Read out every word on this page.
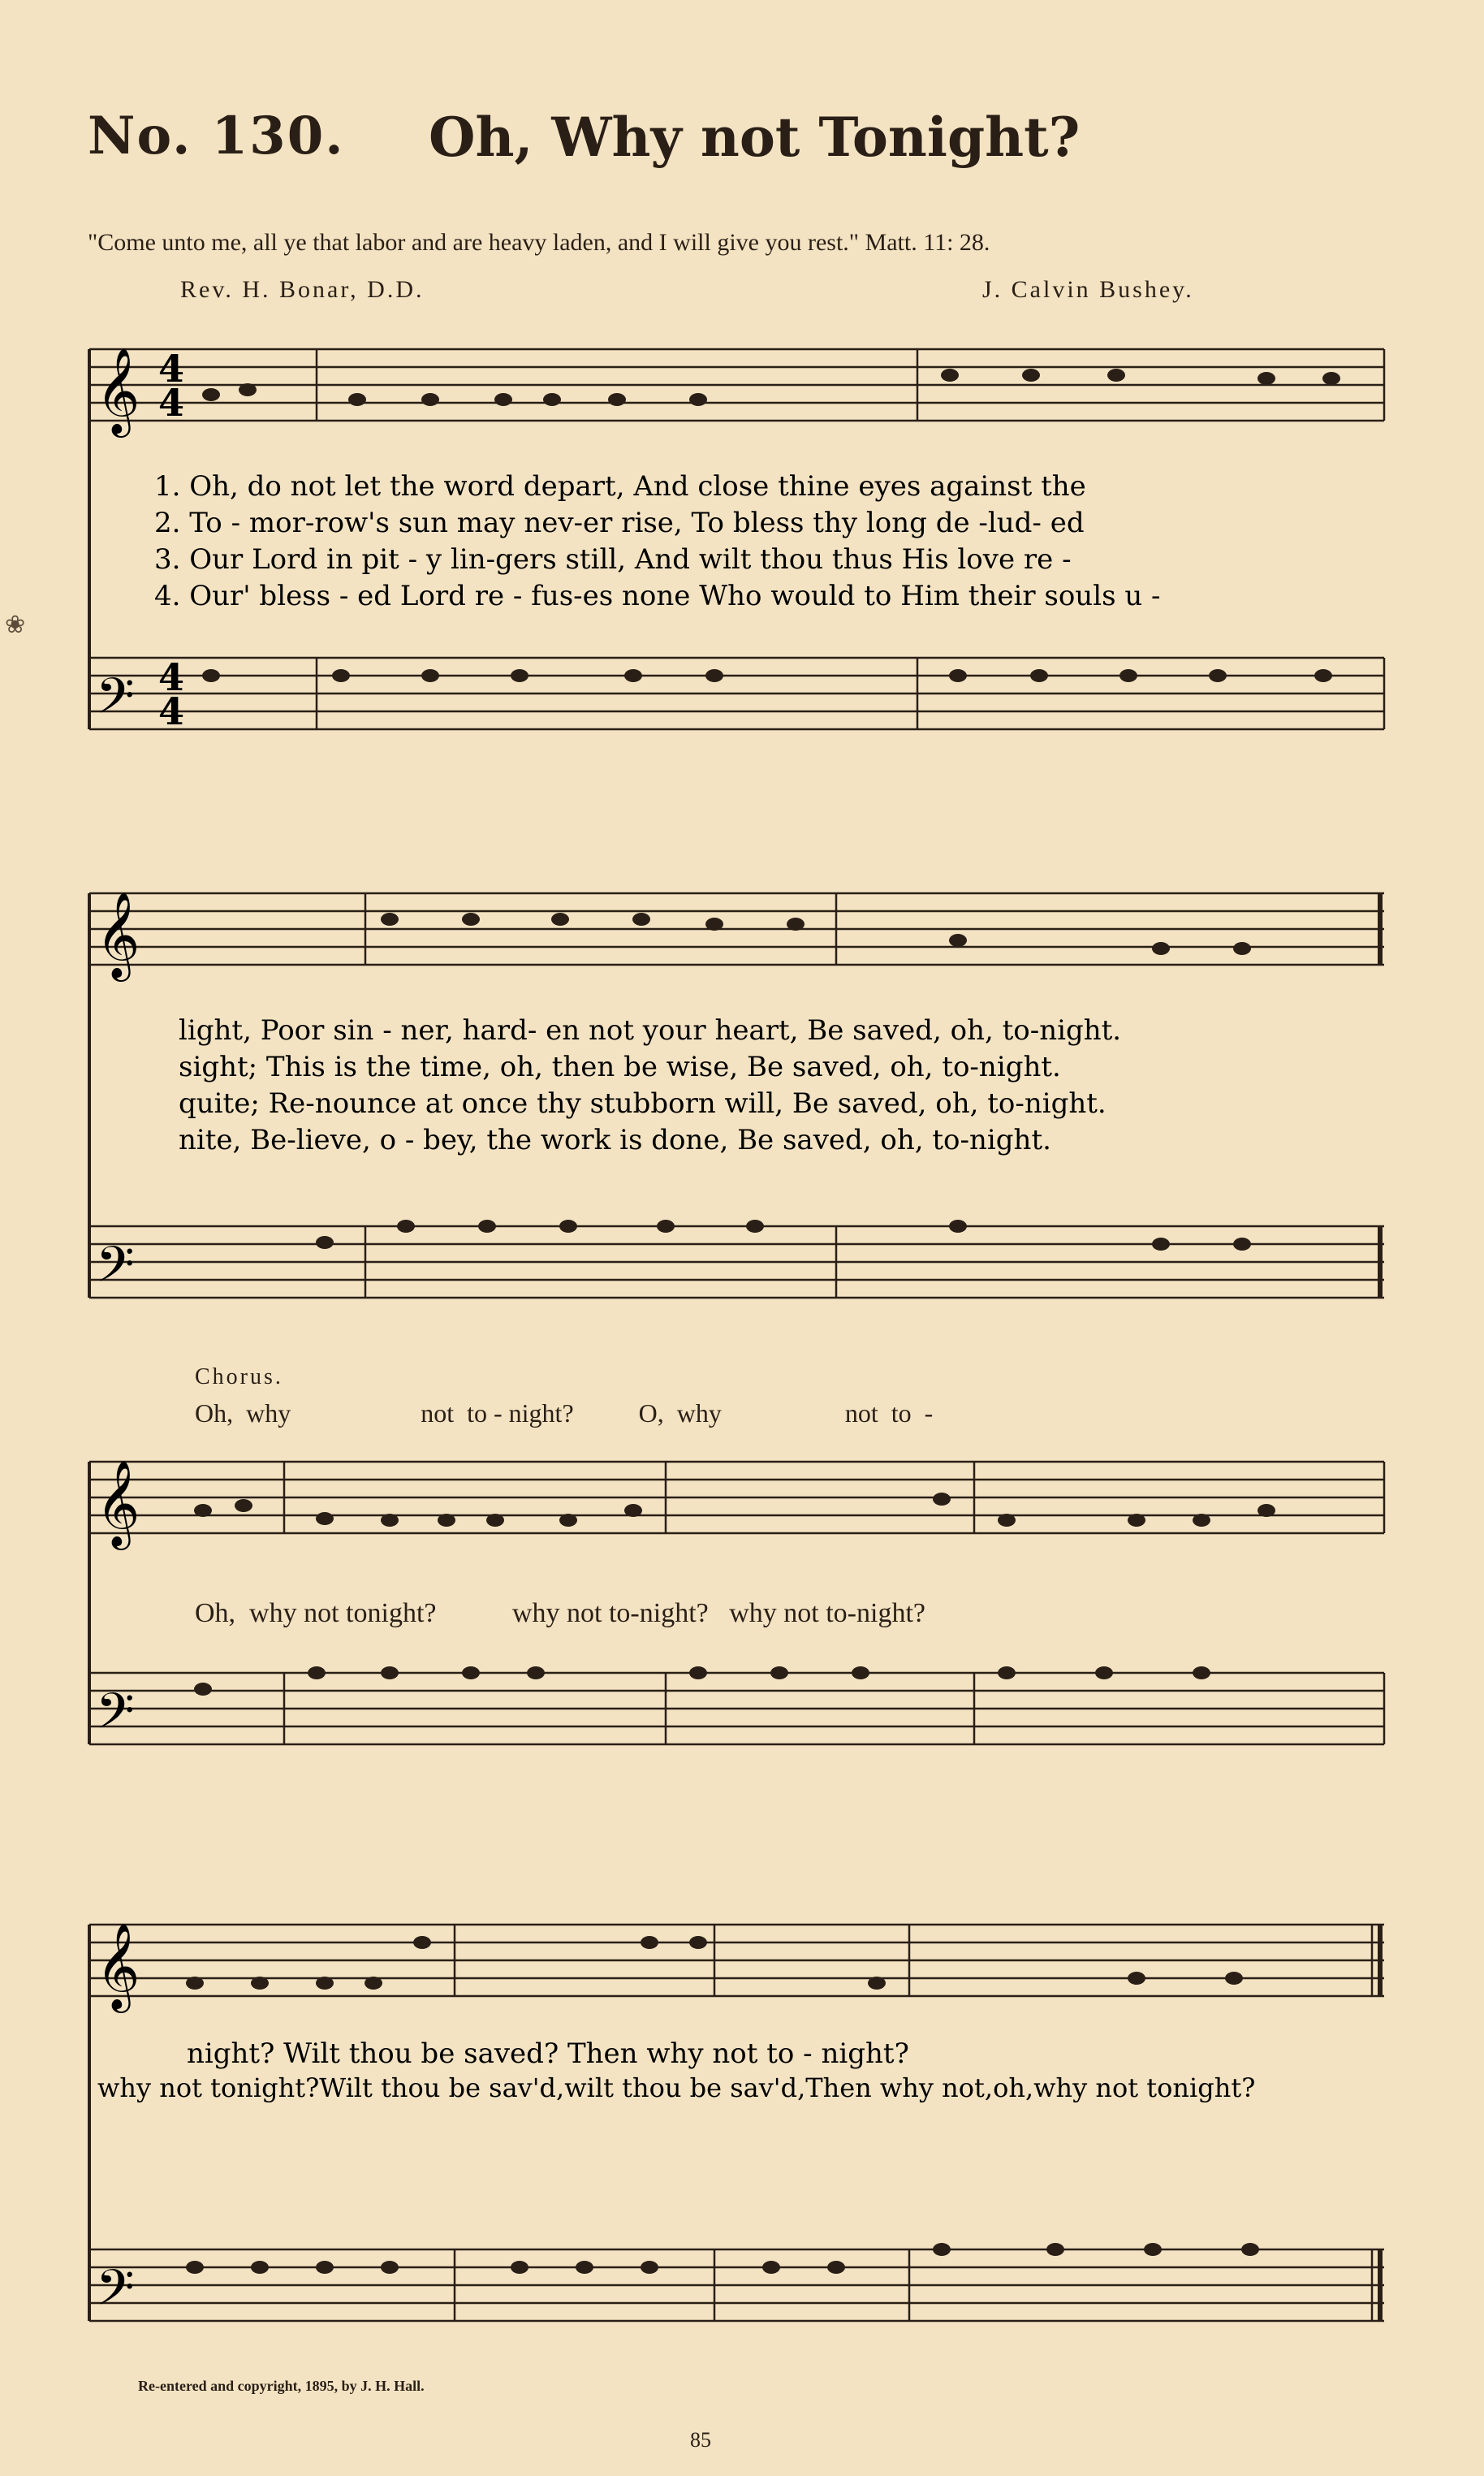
No. 130. Oh, Why not Tonight?
"Come unto me, all ye that labor and are heavy laden, and I will give you rest." Matt. 11: 28.
Rev. H. Bonar, D.D.	J. Calvin Bushey.
❀
𝄞
𝄢
4
4
4
4
1. Oh, do not let the word depart, And close thine eyes against the
2. To - mor-row's sun may nev-er rise, To bless thy long de -lud- ed
3. Our Lord in pit - y lin-gers still, And wilt thou thus His love re -
4. Our' bless - ed Lord re - fus-es none Who would to Him their souls u -
𝄞
𝄢
light, Poor sin - ner, hard- en not your heart, Be saved, oh, to-night.
sight; This is the time, oh, then be wise, Be saved, oh, to-night.
quite; Re-nounce at once thy stubborn will, Be saved, oh, to-night.
nite, Be-lieve, o - bey, the work is done, Be saved, oh, to-night.
Chorus.
Oh,  why                    not  to - night?          O,  why                   not  to  -
𝄞
𝄢
Oh,  why not tonight?           why not to-night?   why not to-night?
𝄞
𝄢
night? Wilt thou be saved? Then why not to - night?
why not tonight?Wilt thou be sav'd,wilt thou be sav'd,Then why not,oh,why not tonight?
Re-entered and copyright, 1895, by J. H. Hall.
85
